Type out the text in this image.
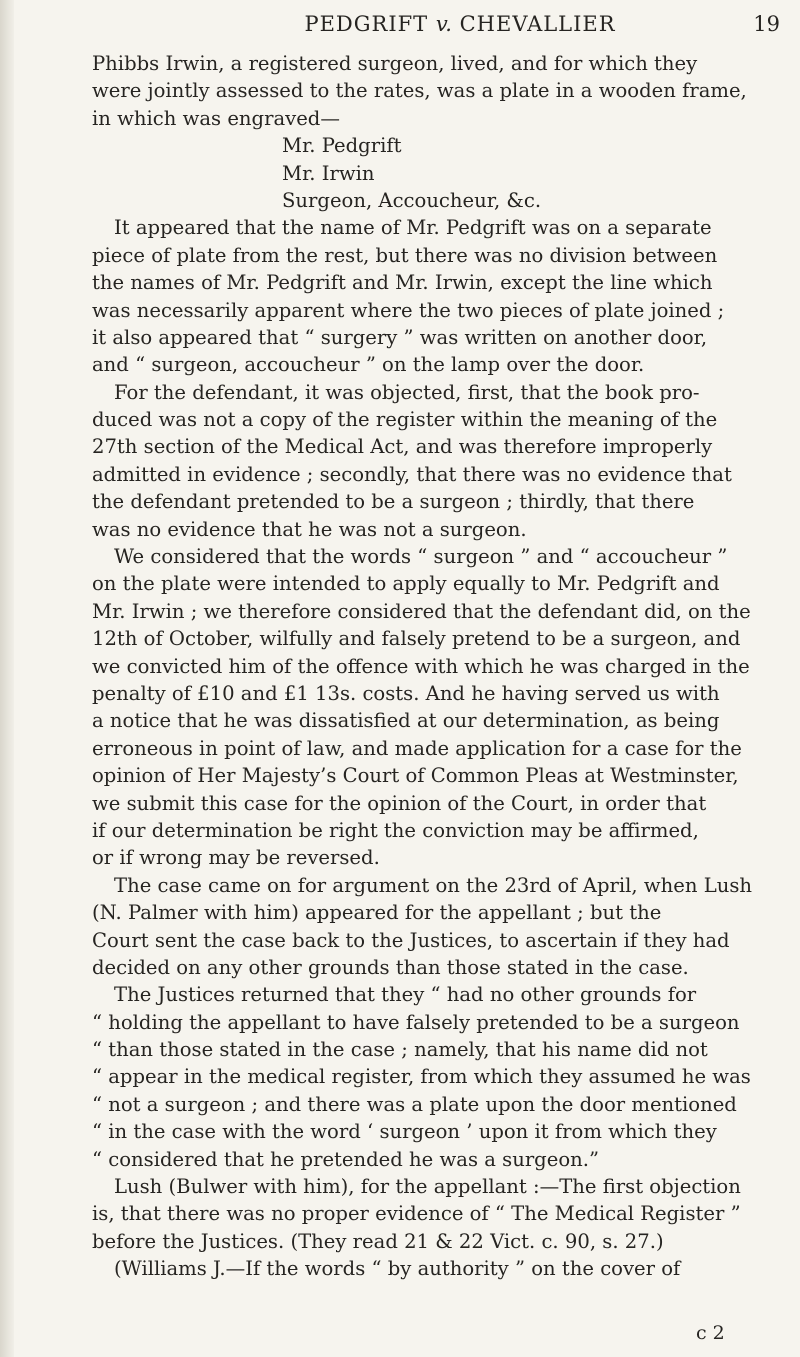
PEDGRIFT v. CHEVALLIER	19
Phibbs Irwin, a registered surgeon, lived, and for which they
were jointly assessed to the rates, was a plate in a wooden frame,
in which was engraved—
Mr. Pedgrift
Mr. Irwin
Surgeon, Accoucheur, &c.
It appeared that the name of Mr. Pedgrift was on a separate
piece of plate from the rest, but there was no division between
the names of Mr. Pedgrift and Mr. Irwin, except the line which
was necessarily apparent where the two pieces of plate joined ;
it also appeared that “ surgery ” was written on another door,
and “ surgeon, accoucheur ” on the lamp over the door.
For the defendant, it was objected, first, that the book pro-
duced was not a copy of the register within the meaning of the
27th section of the Medical Act, and was therefore improperly
admitted in evidence ; secondly, that there was no evidence that
the defendant pretended to be a surgeon ; thirdly, that there
was no evidence that he was not a surgeon.
We considered that the words “ surgeon ” and “ accoucheur ”
on the plate were intended to apply equally to Mr. Pedgrift and
Mr. Irwin ; we therefore considered that the defendant did, on the
12th of October, wilfully and falsely pretend to be a surgeon, and
we convicted him of the offence with which he was charged in the
penalty of £10 and £1 13s. costs. And he having served us with
a notice that he was dissatisfied at our determination, as being
erroneous in point of law, and made application for a case for the
opinion of Her Majesty’s Court of Common Pleas at Westminster,
we submit this case for the opinion of the Court, in order that
if our determination be right the conviction may be affirmed,
or if wrong may be reversed.
The case came on for argument on the 23rd of April, when Lush
(N. Palmer with him) appeared for the appellant ; but the
Court sent the case back to the Justices, to ascertain if they had
decided on any other grounds than those stated in the case.
The Justices returned that they “ had no other grounds for
“ holding the appellant to have falsely pretended to be a surgeon
“ than those stated in the case ; namely, that his name did not
“ appear in the medical register, from which they assumed he was
“ not a surgeon ; and there was a plate upon the door mentioned
“ in the case with the word ‘ surgeon ’ upon it from which they
“ considered that he pretended he was a surgeon.”
Lush (Bulwer with him), for the appellant :—The first objection
is, that there was no proper evidence of “ The Medical Register ”
before the Justices. (They read 21 & 22 Vict. c. 90, s. 27.)
(Williams J.—If the words “ by authority ” on the cover of
c 2
